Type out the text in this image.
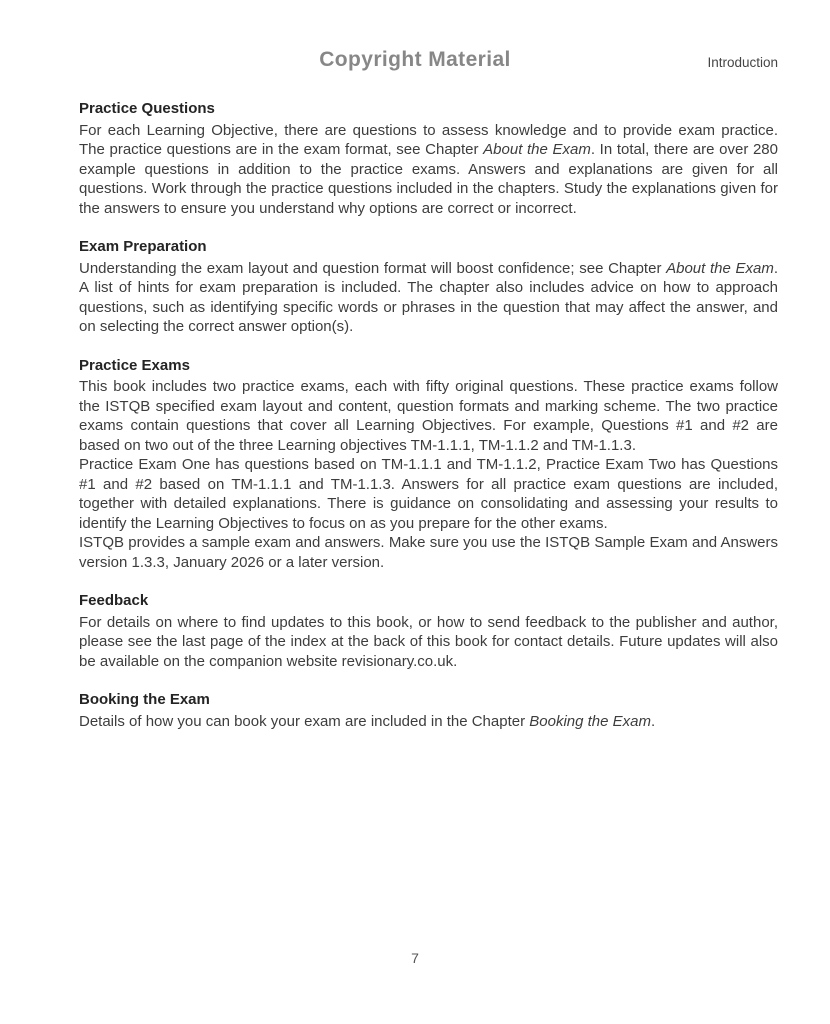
Copyright Material	Introduction
Practice Questions

For each Learning Objective, there are questions to assess knowledge and to provide exam practice. The practice questions are in the exam format, see Chapter About the Exam. In total, there are over 280 example questions in addition to the practice exams. Answers and explanations are given for all questions. Work through the practice questions included in the chapters. Study the explanations given for the answers to ensure you understand why options are correct or incorrect.

Exam Preparation

Understanding the exam layout and question format will boost confidence; see Chapter About the Exam. A list of hints for exam preparation is included. The chapter also includes advice on how to approach questions, such as identifying specific words or phrases in the question that may affect the answer, and on selecting the correct answer option(s).

Practice Exams

This book includes two practice exams, each with fifty original questions. These practice exams follow the ISTQB specified exam layout and content, question formats and marking scheme. The two practice exams contain questions that cover all Learning Objectives. For example, Questions #1 and #2 are based on two out of the three Learning objectives TM-1.1.1, TM-1.1.2 and TM-1.1.3.

Practice Exam One has questions based on TM-1.1.1 and TM-1.1.2, Practice Exam Two has Questions #1 and #2 based on TM-1.1.1 and TM-1.1.3. Answers for all practice exam questions are included, together with detailed explanations. There is guidance on consolidating and assessing your results to identify the Learning Objectives to focus on as you prepare for the other exams.

ISTQB provides a sample exam and answers. Make sure you use the ISTQB Sample Exam and Answers version 1.3.3, January 2026 or a later version.

Feedback

For details on where to find updates to this book, or how to send feedback to the publisher and author, please see the last page of the index at the back of this book for contact details. Future updates will also be available on the companion website revisionary.co.uk.

Booking the Exam

Details of how you can book your exam are included in the Chapter Booking the Exam.

7
